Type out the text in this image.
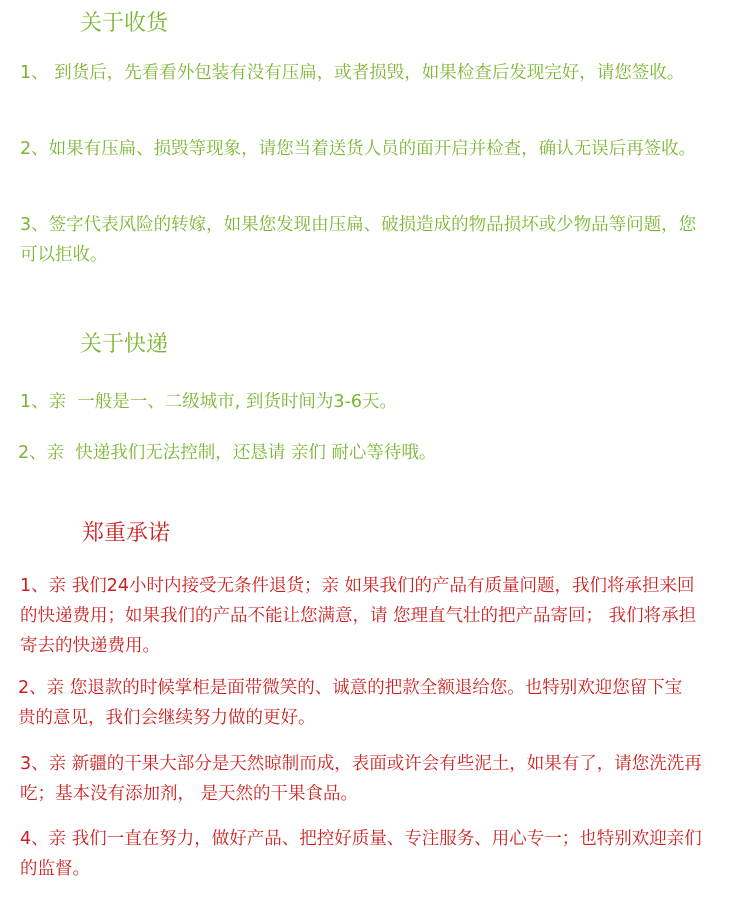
关于收货

1、 到货后，先看看外包装有没有压扁，或者损毁，如果检查后发现完好，请您签收。

2、如果有压扁、损毁等现象，请您当着送货人员的面开启并检查，确认无误后再签收。

3、签字代表风险的转嫁，如果您发现由压扁、破损造成的物品损坏或少物品等问题，您可以拒收。

关于快递

1、亲  一般是一、二级城市, 到货时间为3-6天。

2、亲  快递我们无法控制，还恳请 亲们 耐心等待哦。

郑重承诺

1、亲 我们24小时内接受无条件退货；亲 如果我们的产品有质量问题，我们将承担来回的快递费用；如果我们的产品不能让您满意，请 您理直气壮的把产品寄回； 我们将承担寄去的快递费用。

2、亲 您退款的时候掌柜是面带微笑的、诚意的把款全额退给您。也特别欢迎您留下宝贵的意见，我们会继续努力做的更好。

3、亲 新疆的干果大部分是天然晾制而成，表面或许会有些泥土，如果有了，请您洗洗再吃；基本没有添加剂， 是天然的干果食品。

4、亲 我们一直在努力，做好产品、把控好质量、专注服务、用心专一；也特别欢迎亲们的监督。
